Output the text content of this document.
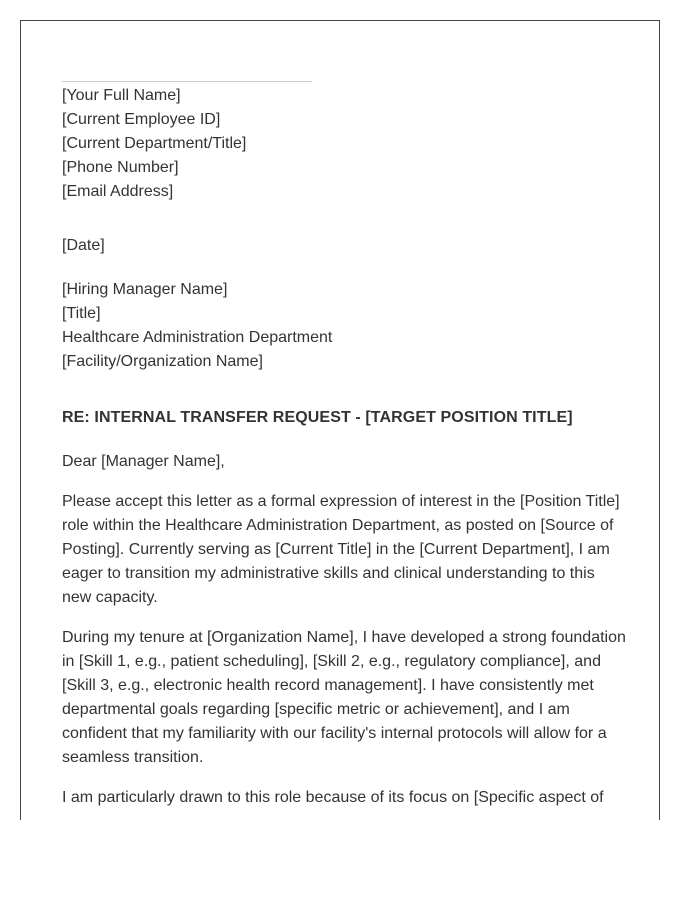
[Your Full Name]
[Current Employee ID]
[Current Department/Title]
[Phone Number]
[Email Address]
[Date]
[Hiring Manager Name]
[Title]
Healthcare Administration Department
[Facility/Organization Name]
RE: INTERNAL TRANSFER REQUEST - [TARGET POSITION TITLE]
Dear [Manager Name],

Please accept this letter as a formal expression of interest in the [Position Title] role within the Healthcare Administration Department, as posted on [Source of Posting]. Currently serving as [Current Title] in the [Current Department], I am eager to transition my administrative skills and clinical understanding to this new capacity.

During my tenure at [Organization Name], I have developed a strong foundation in [Skill 1, e.g., patient scheduling], [Skill 2, e.g., regulatory compliance], and [Skill 3, e.g., electronic health record management]. I have consistently met departmental goals regarding [specific metric or achievement], and I am confident that my familiarity with our facility's internal protocols will allow for a seamless transition.

I am particularly drawn to this role because of its focus on [Specific aspect of
